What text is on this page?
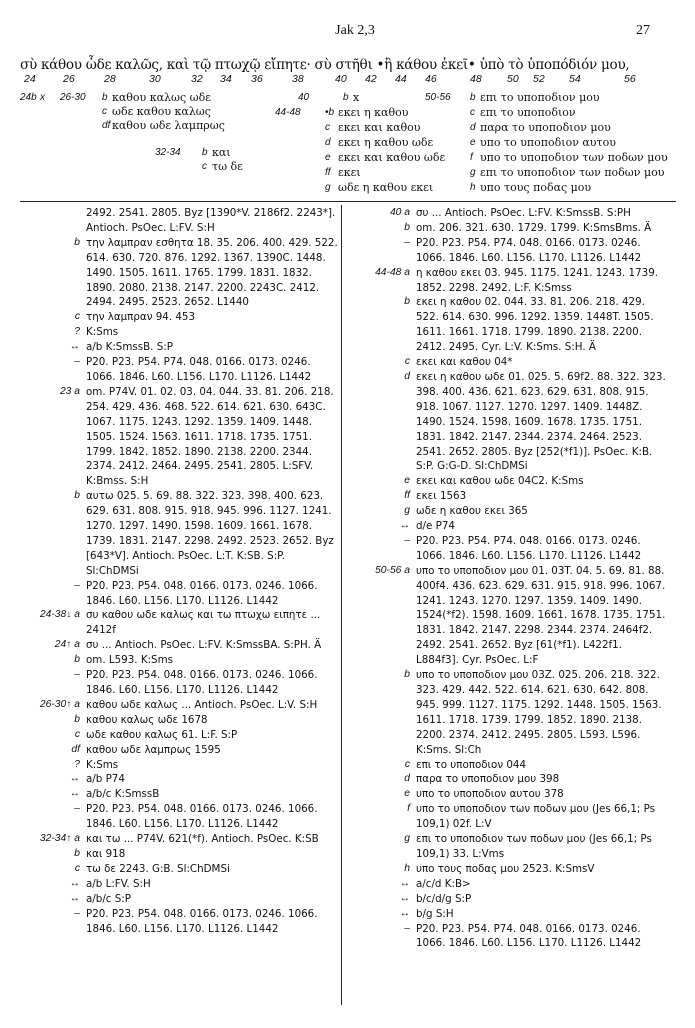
Jak 2,3	27
σὺ κάθου ὧδε καλῶς, καὶ τῷ πτωχῷ εἴπητε· σὺ στῆθι •ἢ κάθου ἐκεῖ• ὑπὸ τὸ ὑποπόδιόν μου,
24	26	28	30	32 34 36	38	40 42 44 46	48 50 52 54	56
24b x 26-30 b καθου καλως ωδε
c ωδε καθου καλως
df καθου ωδε λαμπρως
32-34 b και
c τω δε
40	b x
44-48 •b εκει η καθου
c εκει και καθου
d εκει η καθου ωδε
e εκει και καθου ωδε
ff εκει
g ωδε η καθου εκει
50-56 b επι το υποποδιον μου
c επι το υποποδιον
d παρα το υποποδιον μου
e υπο το υποποδιον αυτου
f υπο το υποποδιον των ποδων μου
g επι το υποποδιον των ποδων μου
h υπο τους ποδας μου
2492. 2541. 2805. Byz [1390*V. 2186f2. 2243*]. Antioch. PsOec. L:FV. S:H
b την λαμπραν εσθητα 18. 35. 206. 400. 429. 522. 614. 630. 720. 876. 1292. 1367. 1390C. 1448. 1490. 1505. 1611. 1765. 1799. 1831. 1832. 1890. 2080. 2138. 2147. 2200. 2243C. 2412. 2494. 2495. 2523. 2652. L1440
c την λαμπραν 94. 453
? K:Sms
↔ a/b K:SmssB. S:P
– P20. P23. P54. P74. 048. 0166. 0173. 0246. 1066. 1846. L60. L156. L170. L1126. L1442
23 a om. P74V. 01. 02. 03. 04. 044. 33. 81. 206. 218. 254. 429. 436. 468. 522. 614. 621. 630. 643C. 1067. 1175. 1243. 1292. 1359. 1409. 1448. 1505. 1524. 1563. 1611. 1718. 1735. 1751. 1799. 1842. 1852. 1890. 2138. 2200. 2344. 2374. 2412. 2464. 2495. 2541. 2805. L:SFV. K:Bmss. S:H
b αυτω 025. 5. 69. 88. 322. 323. 398. 400. 623. 629. 631. 808. 915. 918. 945. 996. 1127. 1241. 1270. 1297. 1490. 1598. 1609. 1661. 1678. 1739. 1831. 2147. 2298. 2492. 2523. 2652. Byz [643*V]. Antioch. PsOec. L:T. K:SB. S:P. Sl:ChDMSi
– P20. P23. P54. 048. 0166. 0173. 0246. 1066. 1846. L60. L156. L170. L1126. L1442
24-38↓ a συ καθου ωδε καλως και τω πτωχω ειπητε ... 2412f
24↑ a συ ... Antioch. PsOec. L:FV. K:SmssBA. S:PH. Ä
b om. L593. K:Sms
– P20. P23. P54. 048. 0166. 0173. 0246. 1066. 1846. L60. L156. L170. L1126. L1442
26-30↑ a καθου ωδε καλως ... Antioch. PsOec. L:V. S:H
b καθου καλως ωδε 1678
c ωδε καθου καλως 61. L:F. S:P
df καθου ωδε λαμπρως 1595
? K:Sms
↔ a/b P74
↔ a/b/c K:SmssB
– P20. P23. P54. 048. 0166. 0173. 0246. 1066. 1846. L60. L156. L170. L1126. L1442
32-34↑ a και τω ... P74V. 621(*f). Antioch. PsOec. K:SB
b και 918
c τω δε 2243. G:B. Sl:ChDMSi
↔ a/b L:FV. S:H
↔ a/b/c S:P
– P20. P23. P54. 048. 0166. 0173. 0246. 1066. 1846. L60. L156. L170. L1126. L1442
40 a συ ... Antioch. PsOec. L:FV. K:SmssB. S:PH
b om. 206. 321. 630. 1729. 1799. K:SmsBms. Ä
– P20. P23. P54. P74. 048. 0166. 0173. 0246. 1066. 1846. L60. L156. L170. L1126. L1442
44-48 a η καθου εκει 03. 945. 1175. 1241. 1243. 1739. 1852. 2298. 2492. L:F. K:Smss
b εκει η καθου 02. 044. 33. 81. 206. 218. 429. 522. 614. 630. 996. 1292. 1359. 1448T. 1505. 1611. 1661. 1718. 1799. 1890. 2138. 2200. 2412. 2495. Cyr. L:V. K:Sms. S:H. Ä
c εκει και καθου 04*
d εκει η καθου ωδε 01. 025. 5. 69f2. 88. 322. 323. 398. 400. 436. 621. 623. 629. 631. 808. 915. 918. 1067. 1127. 1270. 1297. 1409. 1448Z. 1490. 1524. 1598. 1609. 1678. 1735. 1751. 1831. 1842. 2147. 2344. 2374. 2464. 2523. 2541. 2652. 2805. Byz [252(*f1)]. PsOec. K:B. S:P. G:G-D. Sl:ChDMSi
e εκει και καθου ωδε 04C2. K:Sms
ff εκει 1563
g ωδε η καθου εκει 365
↔ d/e P74
– P20. P23. P54. P74. 048. 0166. 0173. 0246. 1066. 1846. L60. L156. L170. L1126. L1442
50-56 a υπο το υποποδιον μου 01. 03T. 04. 5. 69. 81. 88. 400f4. 436. 623. 629. 631. 915. 918. 996. 1067. 1241. 1243. 1270. 1297. 1359. 1409. 1490. 1524(*f2). 1598. 1609. 1661. 1678. 1735. 1751. 1831. 1842. 2147. 2298. 2344. 2374. 2464f2. 2492. 2541. 2652. Byz [61(*f1). L422f1. L884f3]. Cyr. PsOec. L:F
b υπο το υποποδιον μου 03Z. 025. 206. 218. 322. 323. 429. 442. 522. 614. 621. 630. 642. 808. 945. 999. 1127. 1175. 1292. 1448. 1505. 1563. 1611. 1718. 1739. 1799. 1852. 1890. 2138. 2200. 2374. 2412. 2495. 2805. L593. L596. K:Sms. Sl:Ch
c επι το υποποδιον 044
d παρα το υποποδιον μου 398
e υπο το υποποδιον αυτου 378
f υπο το υποποδιον των ποδων μου (Jes 66,1; Ps 109,1) 02f. L:V
g επι το υποποδιον των ποδων μου (Jes 66,1; Ps 109,1) 33. L:Vms
h υπο τους ποδας μου 2523. K:SmsV
↔ a/c/d K:B>
↔ b/c/d/g S:P
↔ b/g S:H
– P20. P23. P54. P74. 048. 0166. 0173. 0246. 1066. 1846. L60. L156. L170. L1126. L1442
